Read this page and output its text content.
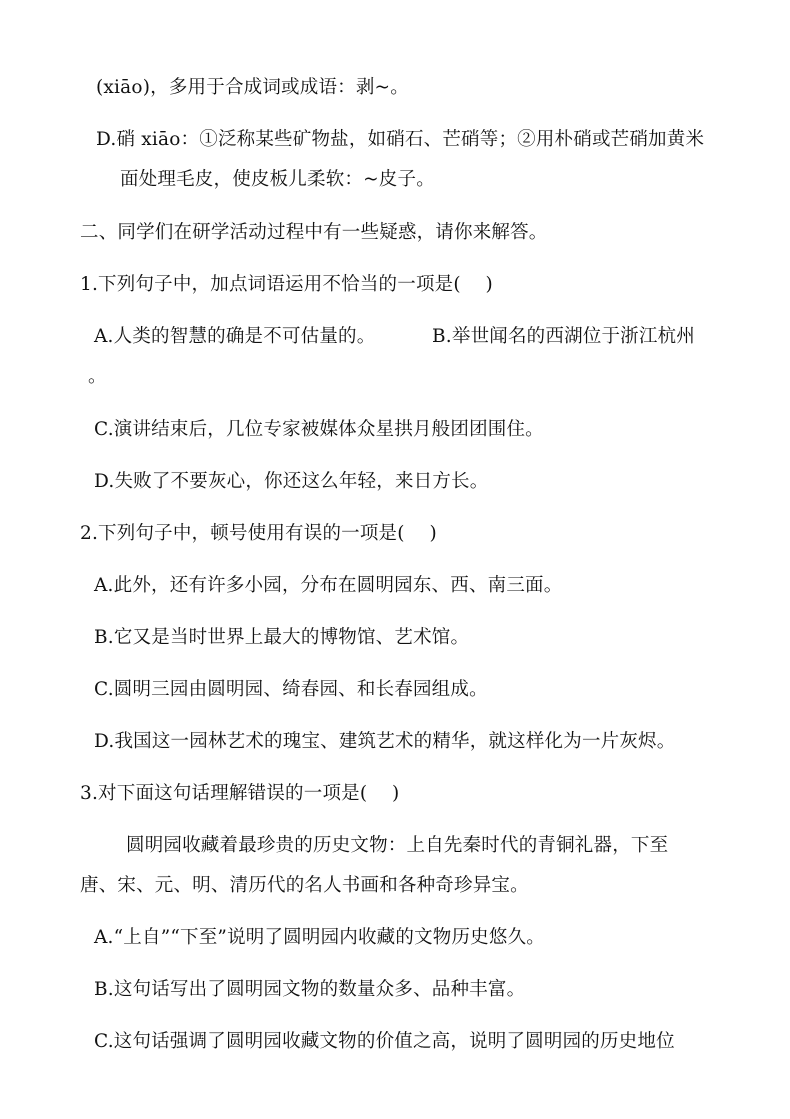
(xiāo)，多用于合成词或成语：剥~。
D.硝 xiāo：①泛称某些矿物盐，如硝石、芒硝等；②用朴硝或芒硝加黄米
面处理毛皮，使皮板儿柔软：~皮子。
二、同学们在研学活动过程中有一些疑惑，请你来解答。
1.下列句子中，加点词语运用不恰当的一项是(　 )
A.人类的智慧的确是不可估量的。	B.举世闻名的西湖位于浙江杭州
。
C.演讲结束后，几位专家被媒体众星拱月般团团围住。
D.失败了不要灰心，你还这么年轻，来日方长。
2.下列句子中，顿号使用有误的一项是(　 )
A.此外，还有许多小园，分布在圆明园东、西、南三面。
B.它又是当时世界上最大的博物馆、艺术馆。
C.圆明三园由圆明园、绮春园、和长春园组成。
D.我国这一园林艺术的瑰宝、建筑艺术的精华，就这样化为一片灰烬。
3.对下面这句话理解错误的一项是(　 )
圆明园收藏着最珍贵的历史文物：上自先秦时代的青铜礼器，下至
唐、宋、元、明、清历代的名人书画和各种奇珍异宝。
A.“上自”“下至”说明了圆明园内收藏的文物历史悠久。
B.这句话写出了圆明园文物的数量众多、品种丰富。
C.这句话强调了圆明园收藏文物的价值之高，说明了圆明园的历史地位
